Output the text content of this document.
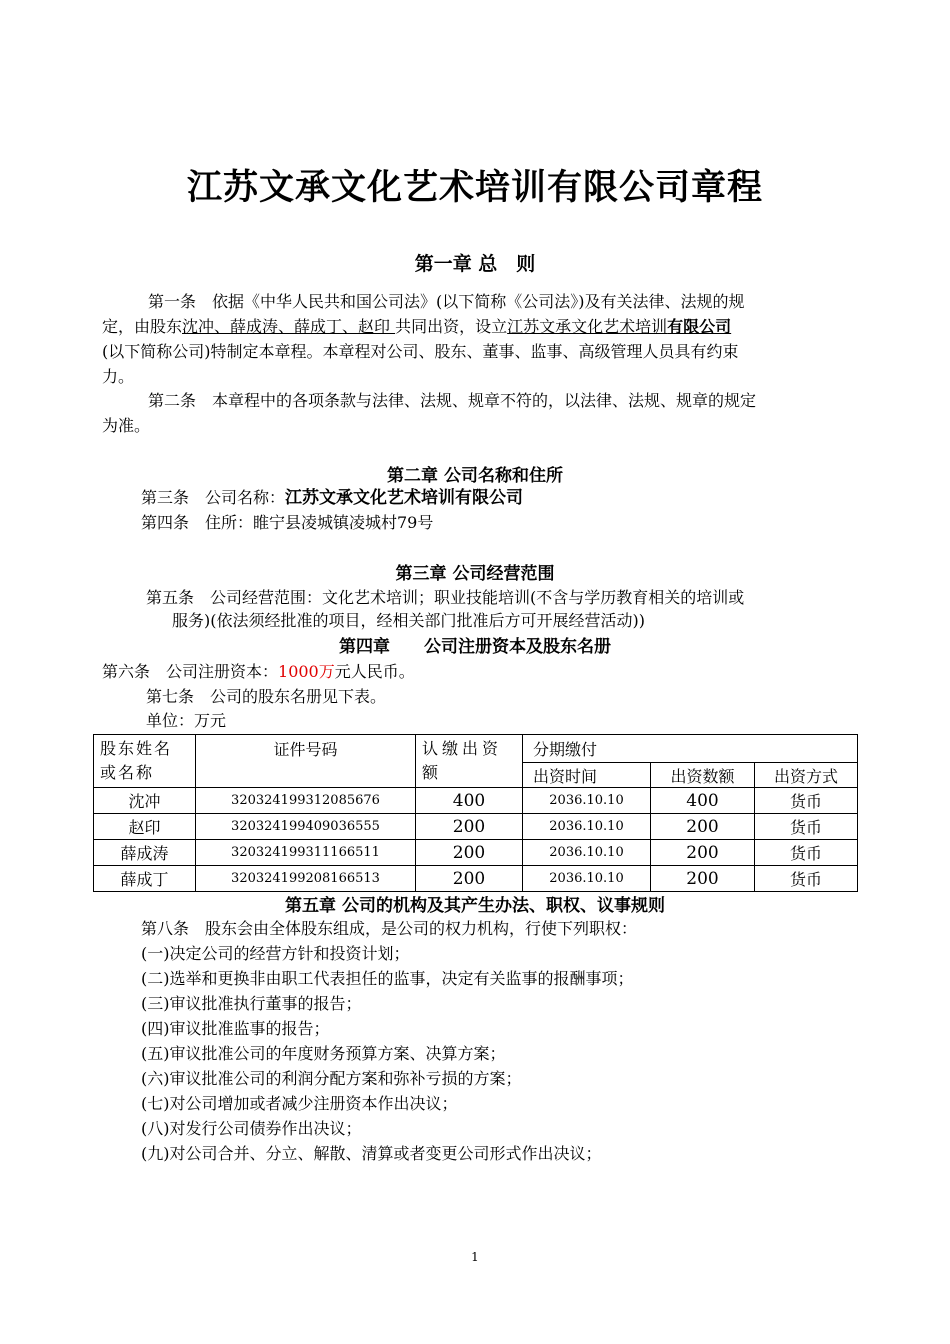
江苏文承文化艺术培训有限公司章程
第一章 总　则
第一条　依据《中华人民共和国公司法》(以下简称《公司法》)及有关法律、法规的规
定，由股东沈冲、薛成涛、薛成丁、赵印 共同出资，设立江苏文承文化艺术培训有限公司
(以下简称公司)特制定本章程。本章程对公司、股东、董事、监事、高级管理人员具有约束
力。
第二条　本章程中的各项条款与法律、法规、规章不符的，以法律、法规、规章的规定
为准。
第二章 公司名称和住所
第三条　公司名称：江苏文承文化艺术培训有限公司
第四条　住所：睢宁县凌城镇凌城村79号
第三章 公司经营范围
第五条　公司经营范围：文化艺术培训；职业技能培训(不含与学历教育相关的培训或
服务)(依法须经批准的项目，经相关部门批准后方可开展经营活动))
第四章　　公司注册资本及股东名册
第六条　公司注册资本：1000万元人民币。
第七条　公司的股东名册见下表。
单位：万元
股东姓名或名称	证件号码	认缴出资额	分期缴付		
			出资时间	出资数额	出资方式
沈冲	320324199312085676	400	2036.10.10	400	货币
赵印	320324199409036555	200	2036.10.10	200	货币
薛成涛	320324199311166511	200	2036.10.10	200	货币
薛成丁	320324199208166513	200	2036.10.10	200	货币
第五章 公司的机构及其产生办法、职权、议事规则
第八条　股东会由全体股东组成，是公司的权力机构，行使下列职权：
(一)决定公司的经营方针和投资计划；
(二)选举和更换非由职工代表担任的监事，决定有关监事的报酬事项；
(三)审议批准执行董事的报告；
(四)审议批准监事的报告；
(五)审议批准公司的年度财务预算方案、决算方案；
(六)审议批准公司的利润分配方案和弥补亏损的方案；
(七)对公司增加或者减少注册资本作出决议；
(八)对发行公司债券作出决议；
(九)对公司合并、分立、解散、清算或者变更公司形式作出决议；
1
